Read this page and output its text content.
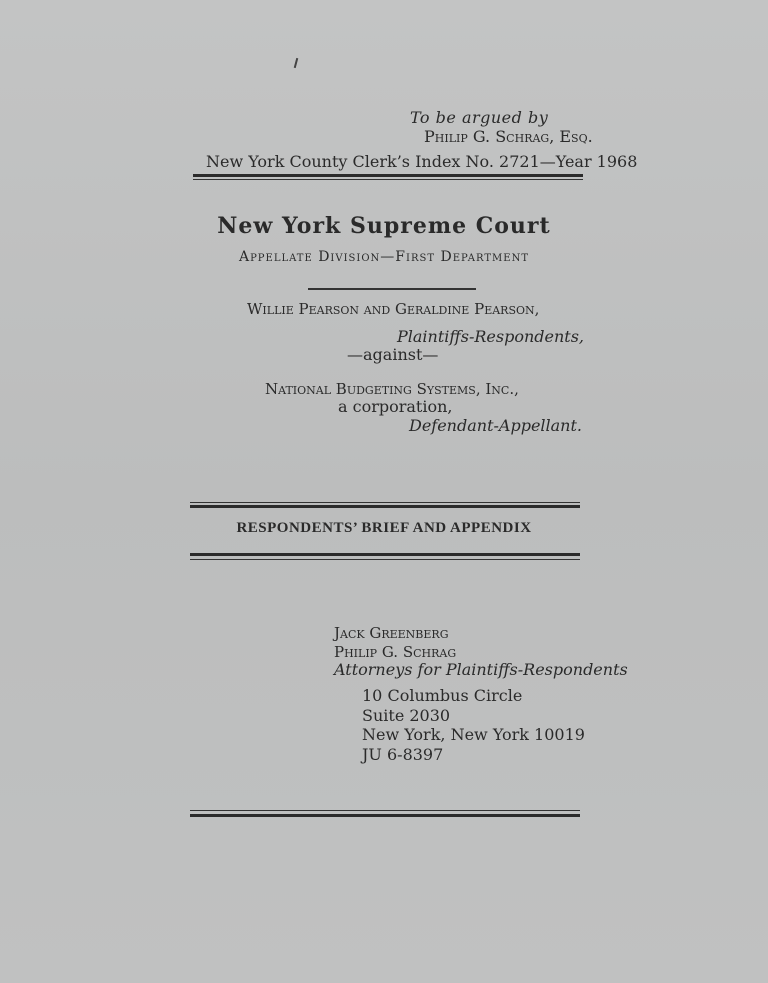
To be argued by
Philip G. Schrag, Esq.
New York County Clerk’s Index No. 2721—Year 1968
New York Supreme Court
Appellate Division—First Department
Willie Pearson and Geraldine Pearson,
Plaintiffs-Respondents,
—against—
National Budgeting Systems, Inc.,
a corporation,
Defendant-Appellant.
RESPONDENTS’ BRIEF AND APPENDIX
Jack Greenberg
Philip G. Schrag
Attorneys for Plaintiffs-Respondents
10 Columbus Circle
Suite 2030
New York, New York 10019
JU 6-8397
